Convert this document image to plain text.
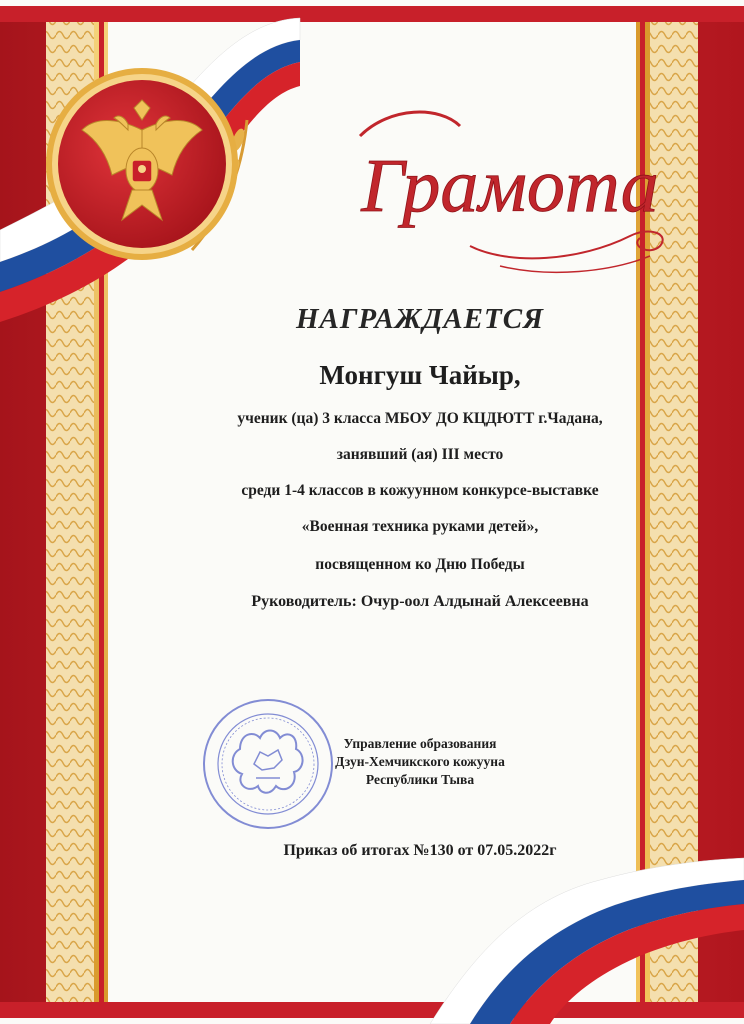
Грамота
НАГРАЖДАЕТСЯ
Монгуш Чайыр,
ученик (ца) 3 класса МБОУ ДО КЦДЮТТ г.Чадана,
занявший (ая) III место
среди 1-4 классов в кожуунном конкурсе-выставке
«Военная техника руками детей»,
посвященном ко Дню Победы
Руководитель: Очур-оол Алдынай Алексеевна
Управление образования
Дзун-Хемчикского кожууна
Республики Тыва
Приказ об итогах №130 от 07.05.2022г
